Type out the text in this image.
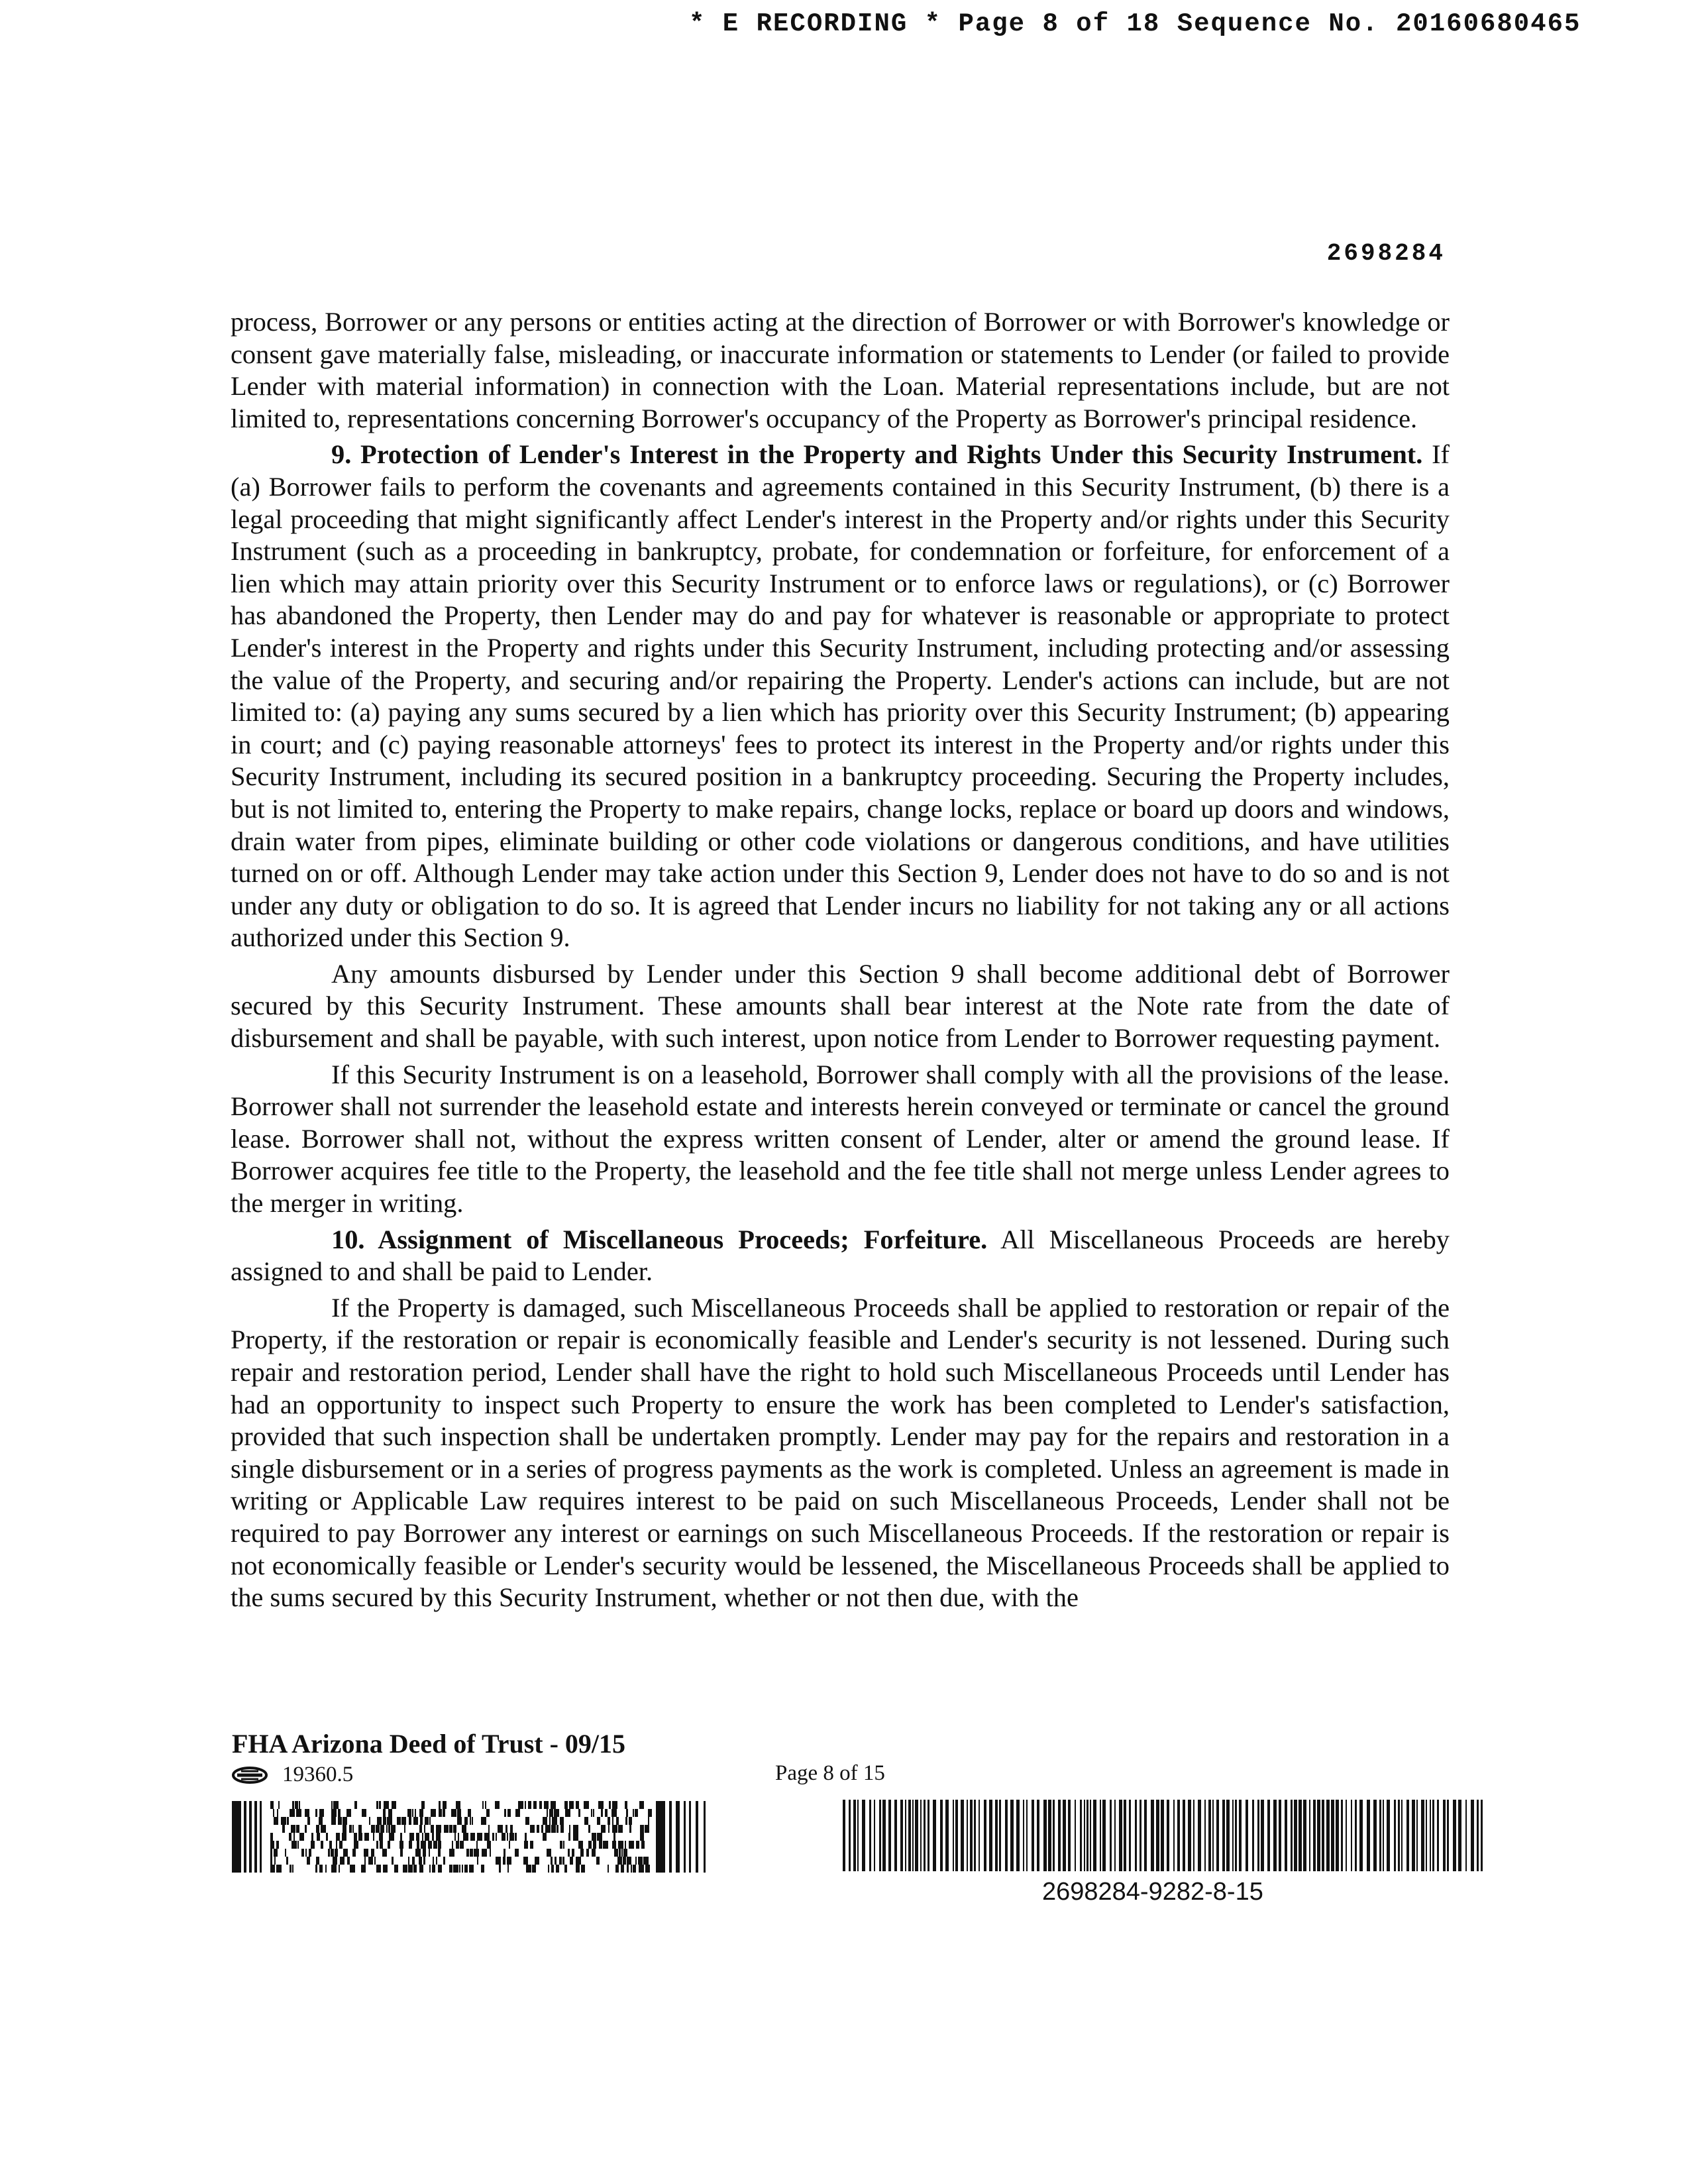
* E RECORDING * Page 8 of 18 Sequence No. 20160680465
2698284

process, Borrower or any persons or entities acting at the direction of Borrower or with Borrower's knowledge or consent gave materially false, misleading, or inaccurate information or statements to Lender (or failed to provide Lender with material information) in connection with the Loan. Material representations include, but are not limited to, representations concerning Borrower's occupancy of the Property as Borrower's principal residence.

9. Protection of Lender's Interest in the Property and Rights Under this Security Instrument. If (a) Borrower fails to perform the covenants and agreements contained in this Security Instrument, (b) there is a legal proceeding that might significantly affect Lender's interest in the Property and/or rights under this Security Instrument (such as a proceeding in bankruptcy, probate, for condemnation or forfeiture, for enforcement of a lien which may attain priority over this Security Instrument or to enforce laws or regulations), or (c) Borrower has abandoned the Property, then Lender may do and pay for whatever is reasonable or appropriate to protect Lender's interest in the Property and rights under this Security Instrument, including protecting and/or assessing the value of the Property, and securing and/or repairing the Property. Lender's actions can include, but are not limited to: (a) paying any sums secured by a lien which has priority over this Security Instrument; (b) appearing in court; and (c) paying reasonable attorneys' fees to protect its interest in the Property and/or rights under this Security Instrument, including its secured position in a bankruptcy proceeding. Securing the Property includes, but is not limited to, entering the Property to make repairs, change locks, replace or board up doors and windows, drain water from pipes, eliminate building or other code violations or dangerous conditions, and have utilities turned on or off. Although Lender may take action under this Section 9, Lender does not have to do so and is not under any duty or obligation to do so. It is agreed that Lender incurs no liability for not taking any or all actions authorized under this Section 9.

Any amounts disbursed by Lender under this Section 9 shall become additional debt of Borrower secured by this Security Instrument. These amounts shall bear interest at the Note rate from the date of disbursement and shall be payable, with such interest, upon notice from Lender to Borrower requesting payment.

If this Security Instrument is on a leasehold, Borrower shall comply with all the provisions of the lease. Borrower shall not surrender the leasehold estate and interests herein conveyed or terminate or cancel the ground lease. Borrower shall not, without the express written consent of Lender, alter or amend the ground lease. If Borrower acquires fee title to the Property, the leasehold and the fee title shall not merge unless Lender agrees to the merger in writing.

10. Assignment of Miscellaneous Proceeds; Forfeiture. All Miscellaneous Proceeds are hereby assigned to and shall be paid to Lender.

If the Property is damaged, such Miscellaneous Proceeds shall be applied to restoration or repair of the Property, if the restoration or repair is economically feasible and Lender's security is not lessened. During such repair and restoration period, Lender shall have the right to hold such Miscellaneous Proceeds until Lender has had an opportunity to inspect such Property to ensure the work has been completed to Lender's satisfaction, provided that such inspection shall be undertaken promptly. Lender may pay for the repairs and restoration in a single disbursement or in a series of progress payments as the work is completed. Unless an agreement is made in writing or Applicable Law requires interest to be paid on such Miscellaneous Proceeds, Lender shall not be required to pay Borrower any interest or earnings on such Miscellaneous Proceeds. If the restoration or repair is not economically feasible or Lender's security would be lessened, the Miscellaneous Proceeds shall be applied to the sums secured by this Security Instrument, whether or not then due, with the

FHA Arizona Deed of Trust - 09/15
19360.5	Page 8 of 15
2698284-9282-8-15
